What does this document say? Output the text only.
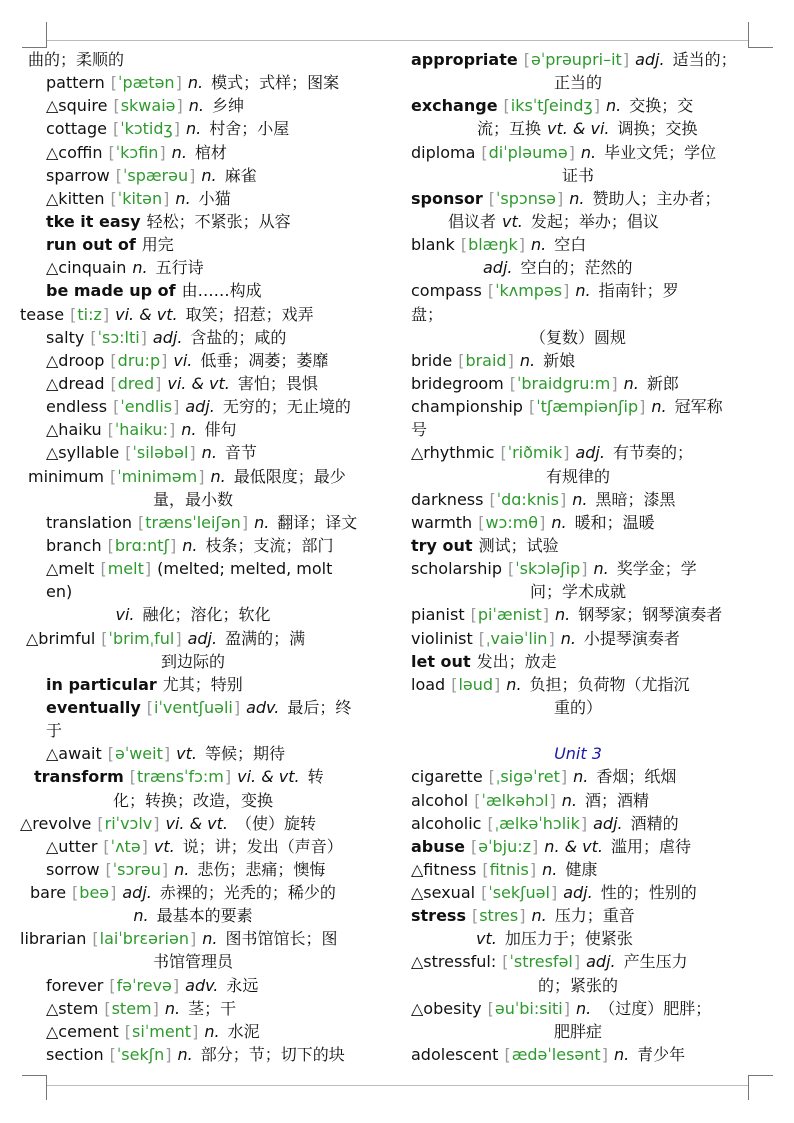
曲的；柔顺的
pattern [ ˈpætən ] n. 模式；式样；图案
△squire [ skwaiə ] n. 乡绅
cottage [ ˈkɔtidʒ ] n. 村舍；小屋
△coffin [ ˈkɔfin ] n. 棺材
sparrow [ ˈspærəu ] n. 麻雀
△kitten [ ˈkitən ] n. 小猫
tke it easy 轻松；不紧张；从容
run out of 用完
△cinquain n. 五行诗
be made up of 由……构成
tease [ ti:z ] vi. & vt. 取笑；招惹；戏弄
salty [ ˈsɔ:lti ] adj. 含盐的；咸的
△droop [ dru:p ] vi. 低垂；凋萎；萎靡
△dread [ dred ] vi. & vt. 害怕；畏惧
endless [ ˈendlis ] adj. 无穷的；无止境的
△haiku [ ˈhaiku: ] n. 俳句
△syllable [ ˈsiləbəl ] n. 音节
minimum [ ˈminiməm ] n. 最低限度；最少
量，最小数
translation [ trænsˈleiʃən ] n. 翻译；译文
branch [ brɑ:ntʃ ] n. 枝条；支流；部门
△melt [ melt ] (melted; melted, molt
en)
vi. 融化；溶化；软化
△brimful [ ˈbrimˌful ] adj. 盈满的；满
到边际的
in particular 尤其；特别
eventually [ iˈventʃuəli ] adv. 最后；终
于
△await [ əˈweit ] vt. 等候；期待
transform [ trænsˈfɔ:m ] vi. & vt. 转
化；转换；改造，变换
△revolve [ riˈvɔlv ] vi. & vt. （使）旋转
△utter [ ˈʌtə ] vt. 说；讲；发出（声音）
sorrow [ ˈsɔrəu ] n. 悲伤；悲痛；懊悔
bare [ beə ] adj. 赤裸的；光秃的；稀少的
n. 最基本的要素
librarian [ laiˈbrɛəriən ] n. 图书馆馆长；图
书馆管理员
forever [ fəˈrevə ] adv. 永远
△stem [ stem ] n. 茎；干
△cement [ siˈment ] n. 水泥
section [ ˈsekʃn ] n. 部分；节；切下的块
appropriate [ əˈprəupri–it ] adj. 适当的；
正当的
exchange [ iksˈtʃeindʒ ] n. 交换；交
流；互换 vt. & vi. 调换；交换
diploma [ diˈpləumə ] n. 毕业文凭；学位
证书
sponsor [ ˈspɔnsə ] n. 赞助人；主办者；
倡议者 vt. 发起；举办；倡议
blank [ blæŋk ] n. 空白
adj. 空白的；茫然的
compass [ ˈkʌmpəs ] n. 指南针；罗
盘；
（复数）圆规
bride [ braid ] n. 新娘
bridegroom [ ˈbraidgru:m ] n. 新郎
championship [ ˈtʃæmpiənʃip ] n. 冠军称
号
△rhythmic [ ˈriðmik ] adj. 有节奏的；
有规律的
darkness [ ˈdɑ:knis ] n. 黑暗；漆黑
warmth [ wɔ:mθ ] n. 暖和；温暖
try out 测试；试验
scholarship [ ˈskɔləʃip ] n. 奖学金；学
问；学术成就
pianist [ piˈænist ] n. 钢琴家；钢琴演奏者
violinist [ ˌvaiəˈlin ] n. 小提琴演奏者
let out 发出；放走
load [ ləud ] n. 负担；负荷物（尤指沉
重的）
Unit 3
cigarette [ ˌsigəˈret ] n. 香烟；纸烟
alcohol [ ˈælkəhɔl ] n. 酒；酒精
alcoholic [ ˌælkəˈhɔlik ] adj. 酒精的
abuse [ əˈbju:z ] n. & vt. 滥用；虐待
△fitness [ fitnis ] n. 健康
△sexual [ ˈsekʃuəl ] adj. 性的；性别的
stress [ stres ] n. 压力；重音
vt. 加压力于；使紧张
△stressful: [ ˈstresfəl ] adj. 产生压力
的；紧张的
△obesity [ əuˈbi:siti ] n. （过度）肥胖；
肥胖症
adolescent [ ædəˈlesənt ] n. 青少年
